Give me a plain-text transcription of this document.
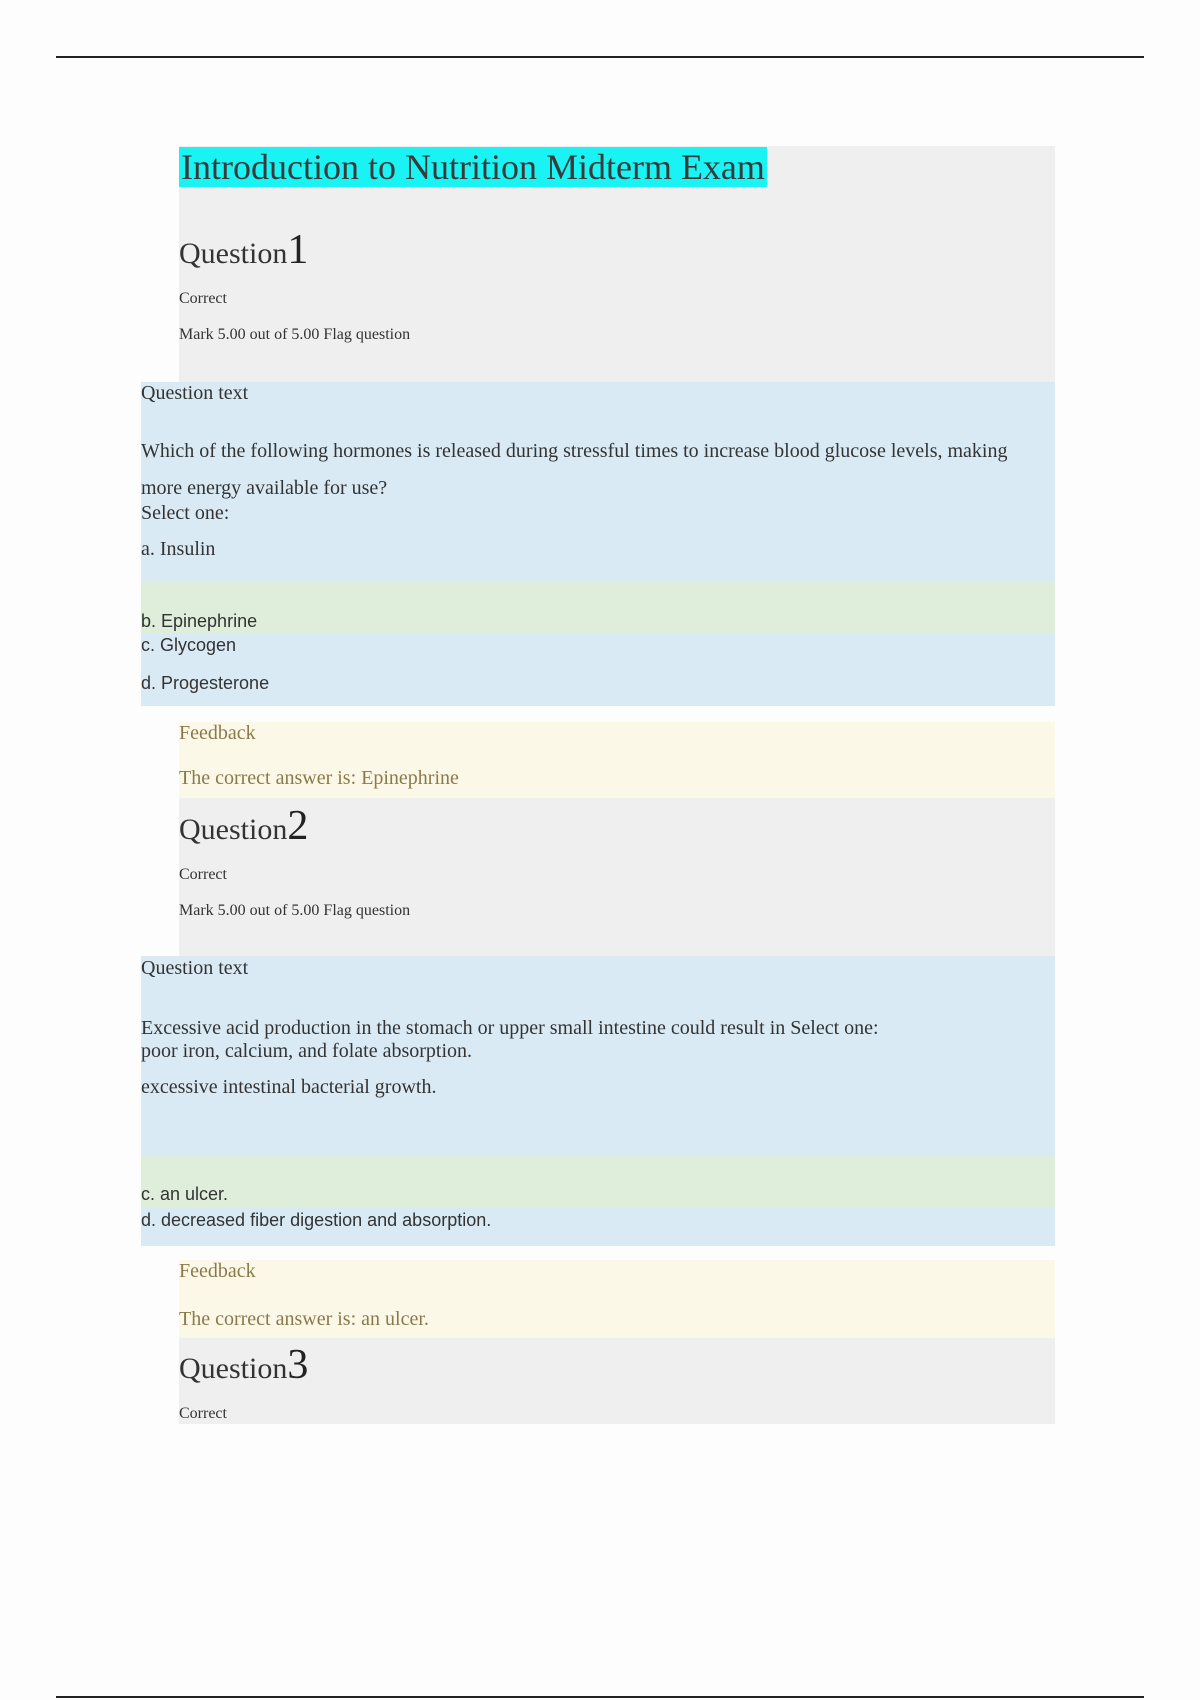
Introduction to Nutrition Midterm Exam
Question1
Correct
Mark 5.00 out of 5.00 Flag question
Question text
Which of the following hormones is released during stressful times to increase blood glucose levels, making
more energy available for use?
Select one:
a. Insulin
b. Epinephrine
c. Glycogen
d. Progesterone
Feedback
The correct answer is: Epinephrine
Question2
Correct
Mark 5.00 out of 5.00 Flag question
Question text
Excessive acid production in the stomach or upper small intestine could result in Select one:
poor iron, calcium, and folate absorption.
excessive intestinal bacterial growth.
c. an ulcer.
d. decreased fiber digestion and absorption.
Feedback
The correct answer is: an ulcer.
Question3
Correct
